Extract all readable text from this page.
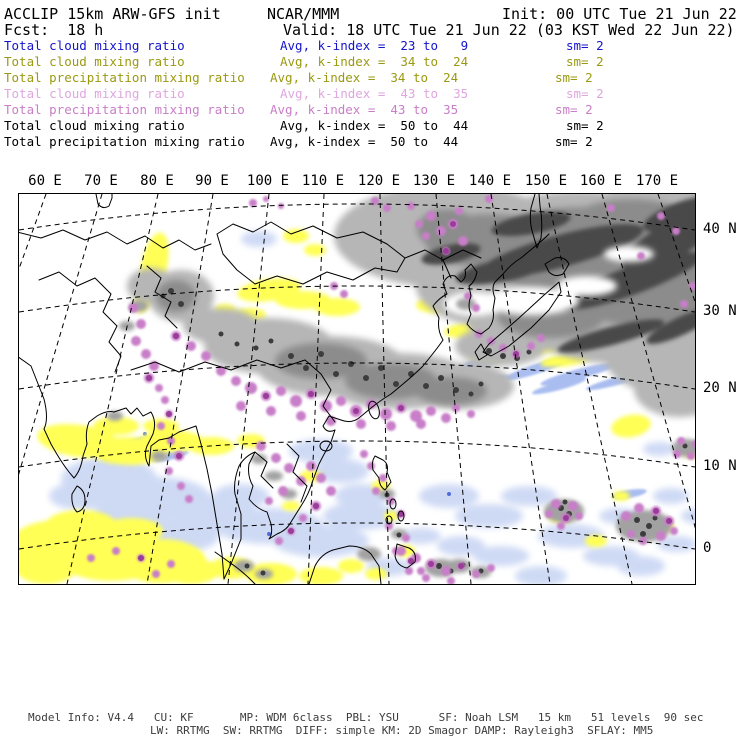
ACCLIP 15km ARW-GFS init	NCAR/MMM	Init: 00 UTC Tue 21 Jun 22
Fcst:  18 h	Valid: 18 UTC Tue 21 Jun 22 (03 KST Wed 22 Jun 22)
Total cloud mixing ratio	Avg, k-index =  23 to   9	sm= 2
Total cloud mixing ratio	Avg, k-index =  34 to  24	sm= 2
Total precipitation mixing ratio Avg, k-index =  34 to  24	sm= 2
Total cloud mixing ratio	Avg, k-index =  43 to  35	sm= 2
Total precipitation mixing ratio Avg, k-index =  43 to  35	sm= 2
Total cloud mixing ratio	Avg, k-index =  50 to  44	sm= 2
Total precipitation mixing ratio Avg, k-index =  50 to  44	sm= 2
60 E 70 E 80 E 90 E 100 E 110 E 120 E 130 E 140 E 150 E 160 E 170 E
40 N
30 N
20 N
10 N
0
Model Info: V4.4   CU: KF       MP: WDM 6class  PBL: YSU      SF: Noah LSM   15 km   51 levels  90 sec
LW: RRTMG  SW: RRTMG  DIFF: simple KM: 2D Smagor DAMP: Rayleigh3  SFLAY: MM5
